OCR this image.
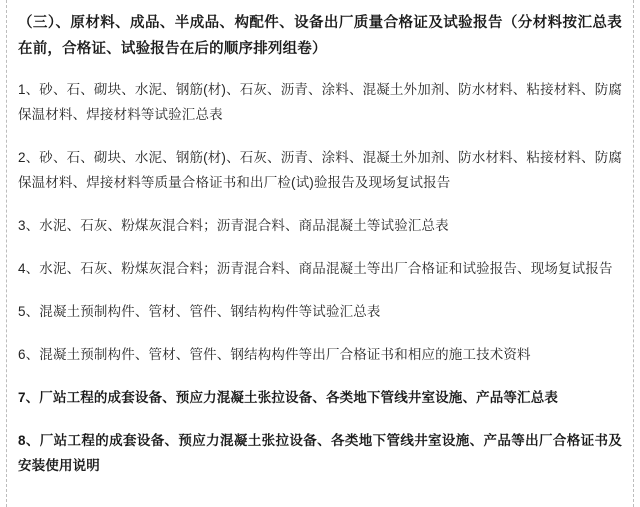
（三）、原材料、成品、半成品、构配件、设备出厂质量合格证及试验报告（分材料按汇总表在前，合格证、试验报告在后的顺序排列组卷）

1、砂、石、砌块、水泥、钢筋(材)、石灰、沥青、涂料、混凝土外加剂、防水材料、粘接材料、防腐保温材料、焊接材料等试验汇总表

2、砂、石、砌块、水泥、钢筋(材)、石灰、沥青、涂料、混凝土外加剂、防水材料、粘接材料、防腐保温材料、焊接材料等质量合格证书和出厂检(试)验报告及现场复试报告

3、水泥、石灰、粉煤灰混合料；沥青混合料、商品混凝土等试验汇总表

4、水泥、石灰、粉煤灰混合料；沥青混合料、商品混凝土等出厂合格证和试验报告、现场复试报告

5、混凝土预制构件、管材、管件、钢结构构件等试验汇总表

6、混凝土预制构件、管材、管件、钢结构构件等出厂合格证书和相应的施工技术资料

7、厂站工程的成套设备、预应力混凝土张拉设备、各类地下管线井室设施、产品等汇总表

8、厂站工程的成套设备、预应力混凝土张拉设备、各类地下管线井室设施、产品等出厂合格证书及安装使用说明
